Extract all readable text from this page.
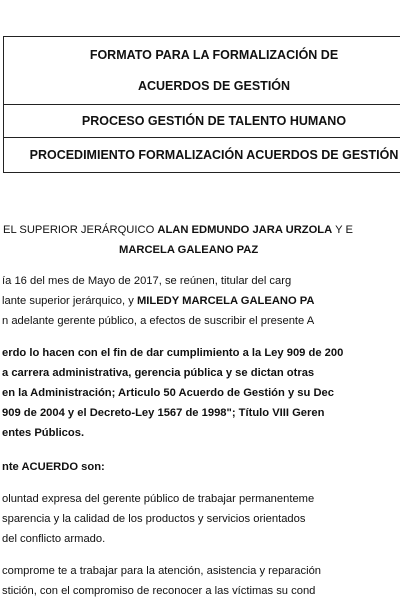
FORMATO PARA LA FORMALIZACIÓN DE
ACUERDOS DE GESTIÓN
PROCESO GESTIÓN DE TALENTO HUMANO
PROCEDIMIENTO FORMALIZACIÓN ACUERDOS DE GESTIÓN
EL SUPERIOR JERÁRQUICO ALAN EDMUNDO JARA URZOLA Y E
MARCELA GALEANO PAZ
ía 16 del mes de Mayo de 2017, se reúnen, titular del carg
lante superior jerárquico, y MILEDY MARCELA GALEANO PA
n adelante gerente público, a efectos de suscribir el presente A
erdo lo hacen con el fin de dar cumplimiento a la Ley 909 de 200
a carrera administrativa, gerencia pública y se dictan otras
en la Administración; Articulo 50 Acuerdo de Gestión y su Dec
909 de 2004 y el Decreto-Ley 1567 de 1998"; Título VIII Geren
entes Públicos.
nte ACUERDO son:
oluntad expresa del gerente público de trabajar permanenteme
sparencia y la calidad de los productos y servicios orientados
del conflicto armado.
comprome te a trabajar para la atención, asistencia y reparación
stición, con el compromiso de reconocer a las víctimas su cond
